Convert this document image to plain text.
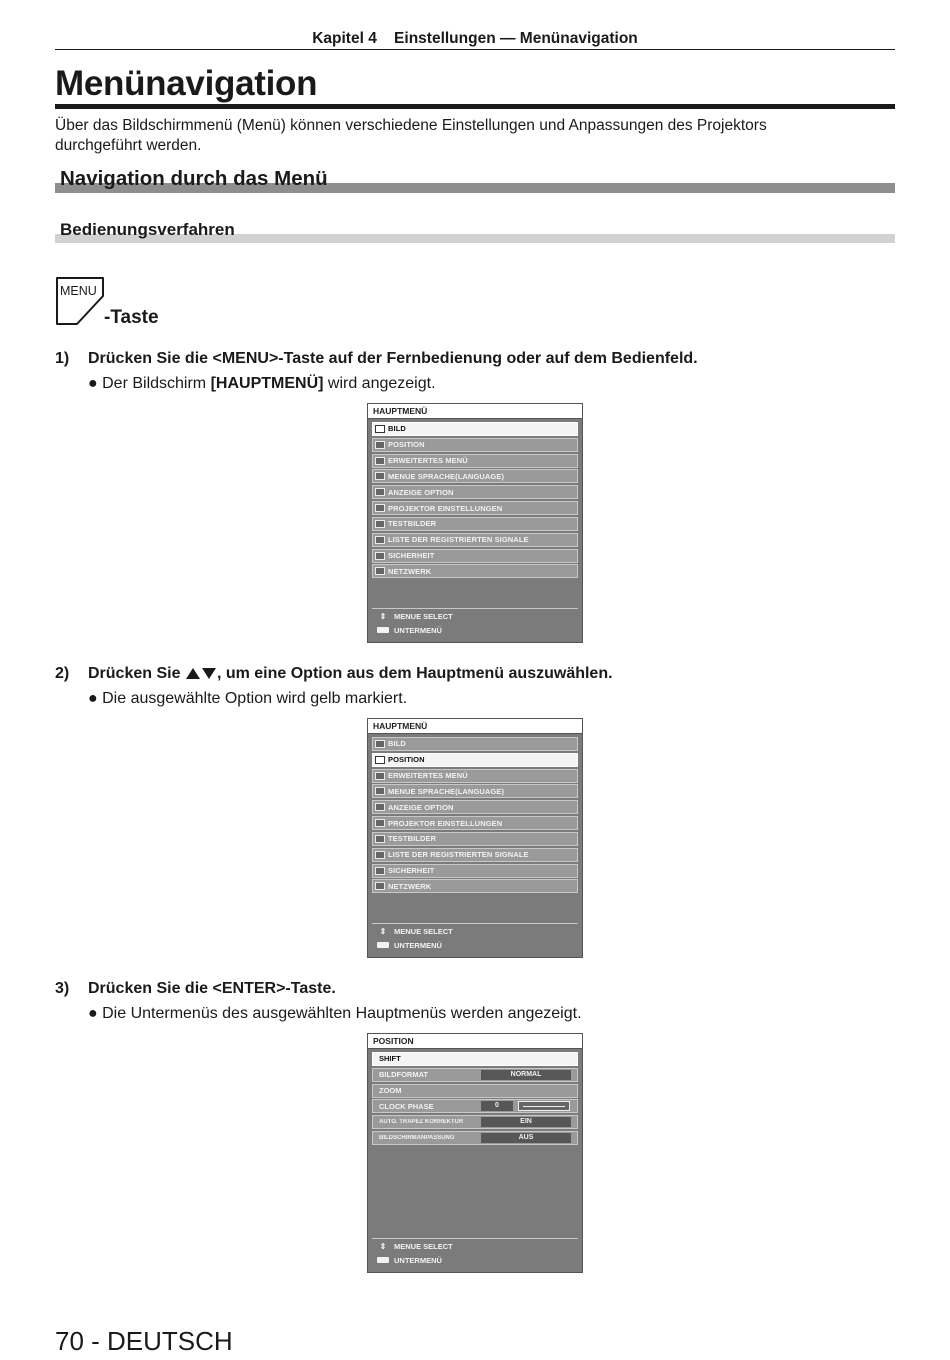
Kapitel 4    Einstellungen — Menünavigation
Menünavigation

Über das Bildschirmmenü (Menü) können verschiedene Einstellungen und Anpassungen des Projektors durchgeführt werden.

Navigation durch das Menü
Bedienungsverfahren
MENU
-Taste
1) Drücken Sie die <MENU>-Taste auf der Fernbedienung oder auf dem Bedienfeld.
● Der Bildschirm [HAUPTMENÜ] wird angezeigt.
HAUPTMENÜ
BILD
POSITION
ERWEITERTES MENÜ
MENUE SPRACHE(LANGUAGE)
ANZEIGE OPTION
PROJEKTOR EINSTELLUNGEN
TESTBILDER
LISTE DER REGISTRIERTEN SIGNALE
SICHERHEIT
NETZWERK
⇕	MENUE SELECT
UNTERMENÜ
2) Drücken Sie , um eine Option aus dem Hauptmenü auszuwählen.
● Die ausgewählte Option wird gelb markiert.
HAUPTMENÜ
BILD
POSITION
ERWEITERTES MENÜ
MENUE SPRACHE(LANGUAGE)
ANZEIGE OPTION
PROJEKTOR EINSTELLUNGEN
TESTBILDER
LISTE DER REGISTRIERTEN SIGNALE
SICHERHEIT
NETZWERK
⇕	MENUE SELECT
UNTERMENÜ
3) Drücken Sie die <ENTER>-Taste.
● Die Untermenüs des ausgewählten Hauptmenüs werden angezeigt.
POSITION
SHIFT
BILDFORMAT	NORMAL
ZOOM
CLOCK PHASE	0
AUTO. TRAPEZ KORREKTUR	EIN
BILDSCHIRMANPASSUNG	AUS
⇕	MENUE SELECT
UNTERMENÜ
70 - DEUTSCH
